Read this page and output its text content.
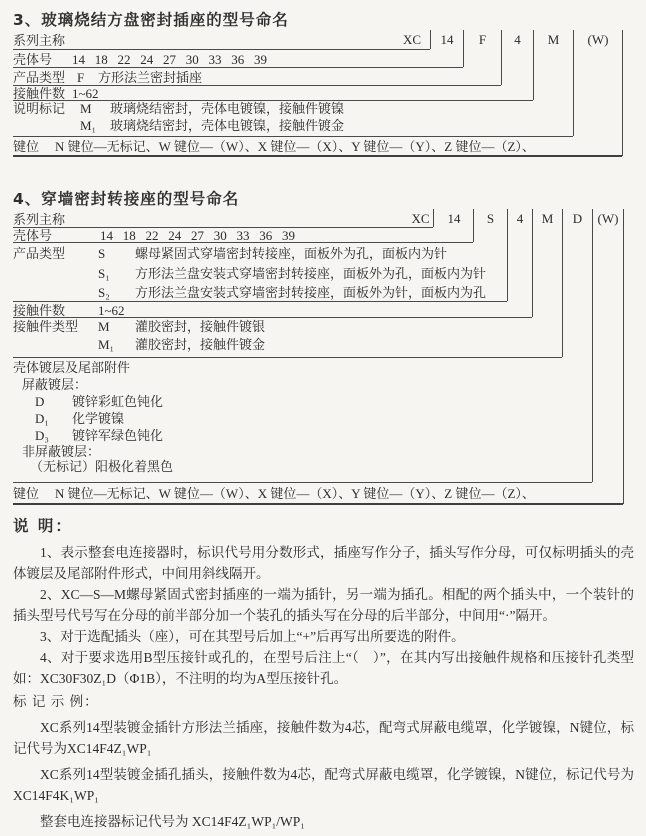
3、玻璃烧结方盘密封插座的型号命名
XC	14	F	4	M	(W)
系列主称
壳体号 14   18   22   24   27   30   33   36   39
产品类型 F 方形法兰密封插座
接触件数 1~62
说明标记 M 玻璃烧结密封，壳体电镀镍，接触件镀镍
M₁ 玻璃烧结密封，壳体电镀镍，接触件镀金
键位 N 键位—无标记、W 键位—（W）、X 键位—（X）、Y 键位—（Y）、Z 键位—（Z）、
4、穿墙密封转接座的型号命名
XC	14	S	4	M	D	(W)
系列主称
壳体号	14   18   22   24   27   30   33   36   39
产品类型	S 螺母紧固式穿墙密封转接座，面板外为孔，面板内为针
S₁ 方形法兰盘安装式穿墙密封转接座，面板外为孔，面板内为针
S₂ 方形法兰盘安装式穿墙密封转接座，面板外为针，面板内为孔
接触件数	1~62
接触件类型 M 灌胶密封，接触件镀银
M₁ 灌胶密封，接触件镀金
壳体镀层及尾部附件
屏蔽镀层：
D 镀锌彩虹色钝化
D₁ 化学镀镍
D₃ 镀锌军绿色钝化
非屏蔽镀层：
（无标记）阳极化着黑色
键位 N 键位—无标记、W 键位—（W）、X 键位—（X）、Y 键位—（Y）、Z 键位—（Z）、
说 明：

1、表示整套电连接器时，标识代号用分数形式，插座写作分子，插头写作分母，可仅标明插头的壳体镀层及尾部附件形式，中间用斜线隔开。

2、XC—S—M螺母紧固式密封插座的一端为插针，另一端为插孔。相配的两个插头中，一个装针的插头型号代号写在分母的前半部分加一个装孔的插头写在分母的后半部分，中间用“·”隔开。

3、对于选配插头（座），可在其型号后加上“+”后再写出所要选的附件。

4、对于要求选用B型压接针或孔的，在型号后注上“（　）”，在其内写出接触件规格和压接针孔类型如：XC30F30Z₁D（Φ1B），不注明的均为A型压接针孔。

标 记 示 例：

XC系列14型装镀金插针方形法兰插座，接触件数为4芯，配弯式屏蔽电缆罩，化学镀镍，N键位，标记代号为XC14F4Z₁WP₁

XC系列14型装镀金插孔插头，接触件数为4芯，配弯式屏蔽电缆罩，化学镀镍，N键位，标记代号为XC14F4K₁WP₁

整套电连接器标记代号为 XC14F4Z₁WP₁/WP₁
